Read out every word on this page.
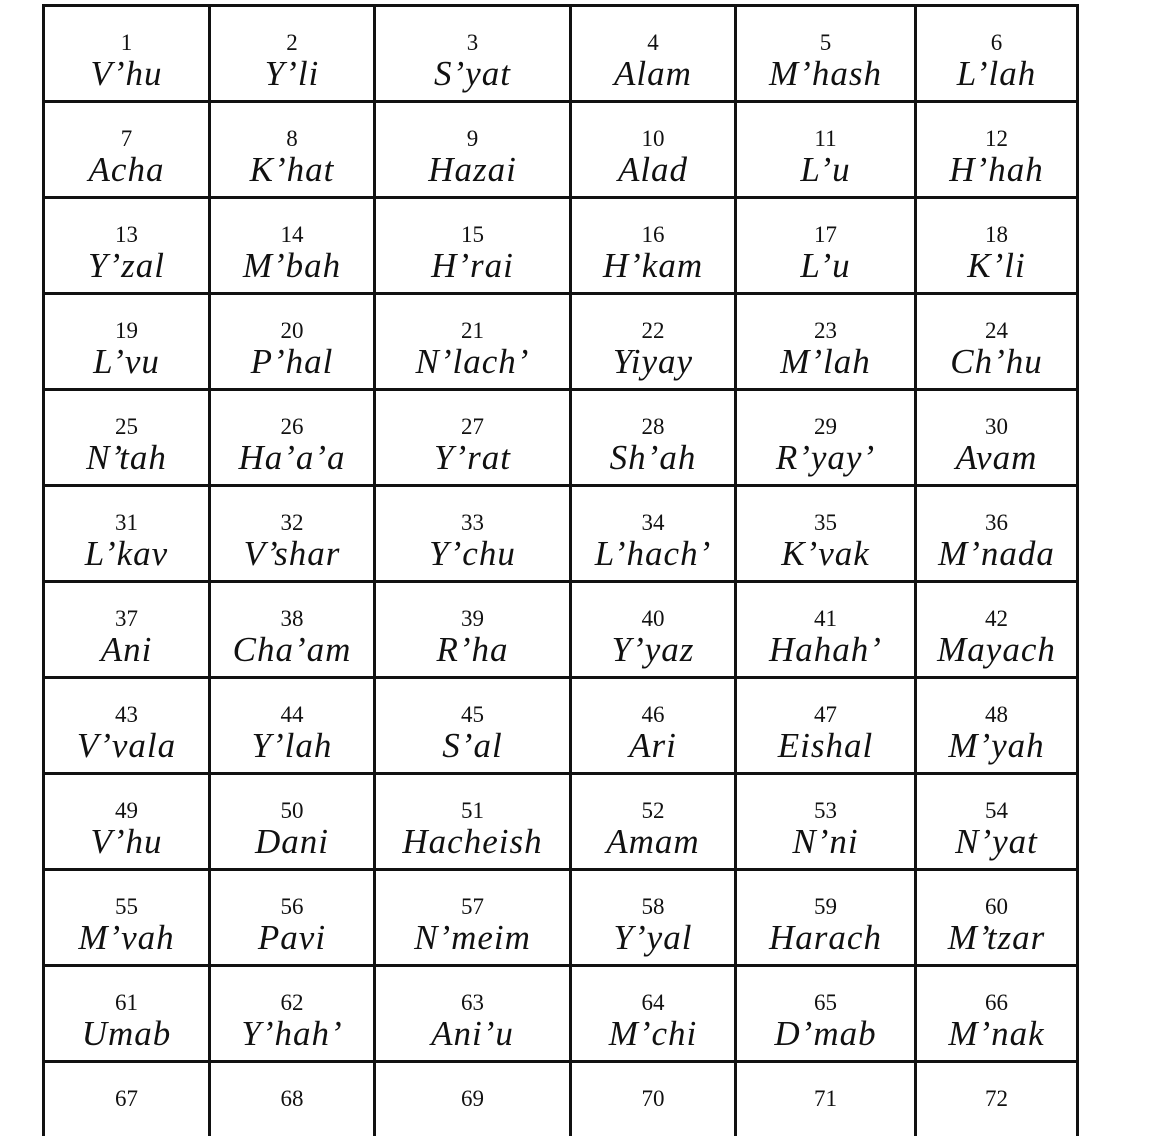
1
V’hu	2
Y’li	3
S’yat	4
Alam	5
M’hash	6
L’lah

7
Acha	8
K’hat	9
Hazai	10
Alad	11
L’u	12
H’hah

13
Y’zal	14
M’bah	15
H’rai	16
H’kam	17
L’u	18
K’li

19
L’vu	20
P’hal	21
N’lach’	22
Yiyay	23
M’lah	24
Ch’hu

25
N’tah	26
Ha’a’a	27
Y’rat	28
Sh’ah	29
R’yay’	30
Avam

31
L’kav	32
V’shar	33
Y’chu	34
L’hach’	35
K’vak	36
M’nada

37
Ani	38
Cha’am	39
R’ha	40
Y’yaz	41
Hahah’	42
Mayach

43
V’vala	44
Y’lah	45
S’al	46
Ari	47
Eishal	48
M’yah

49
V’hu	50
Dani	51
Hacheish	52
Amam	53
N’ni	54
N’yat

55
M’vah	56
Pavi	57
N’meim	58
Y’yal	59
Harach	60
M’tzar

61
Umab	62
Y’hah’	63
Ani’u	64
M’chi	65
D’mab	66
M’nak

67	68	69	70	71	72
